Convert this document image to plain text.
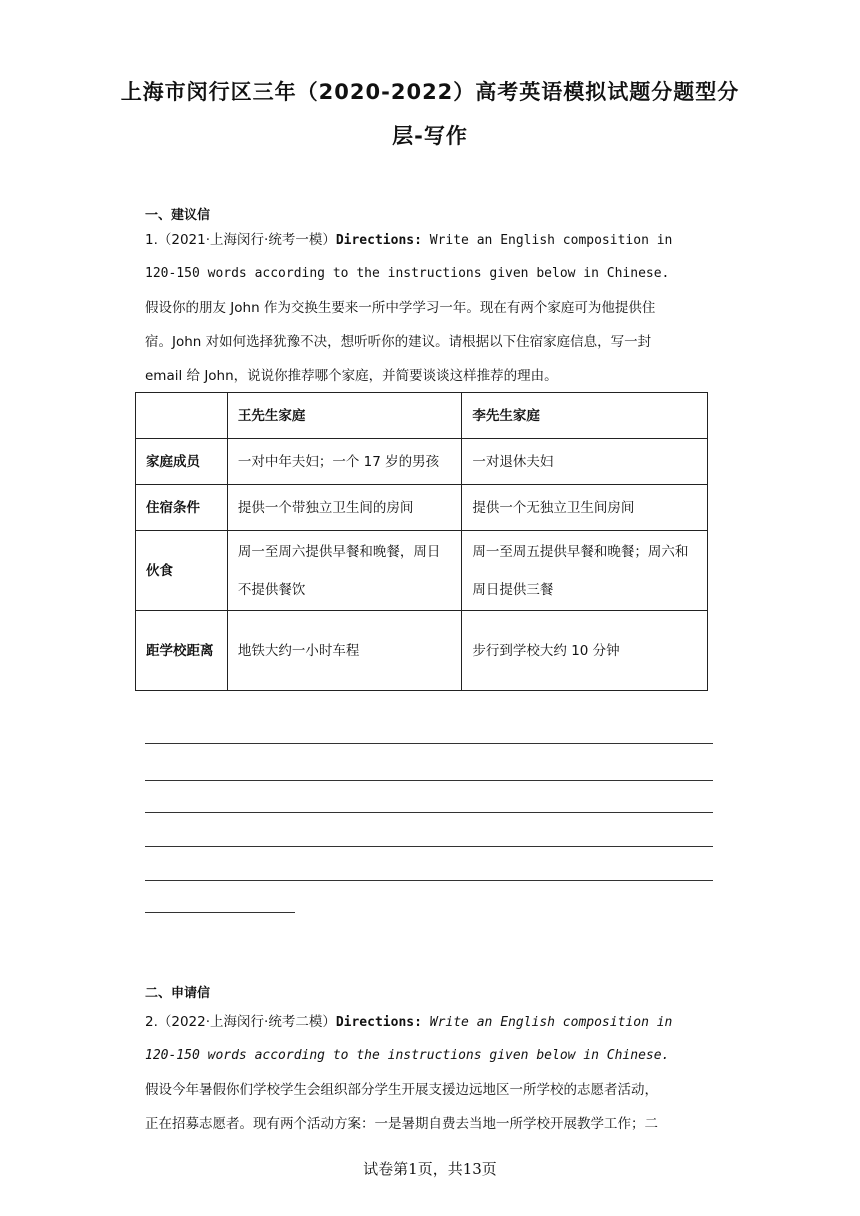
上海市闵行区三年（2020-2022）高考英语模拟试题分题型分
层-写作
一、建议信
1.（2021·上海闵行·统考一模）Directions: Write an English composition in
120-150 words according to the instructions given below in Chinese.
假设你的朋友 John 作为交换生要来一所中学学习一年。现在有两个家庭可为他提供住
宿。John 对如何选择犹豫不决，想听听你的建议。请根据以下住宿家庭信息，写一封
email 给 John，说说你推荐哪个家庭，并简要谈谈这样推荐的理由。
	王先生家庭	李先生家庭
家庭成员	一对中年夫妇；一个 17 岁的男孩	一对退休夫妇
住宿条件	提供一个带独立卫生间的房间	提供一个无独立卫生间房间
伙食	周一至周六提供早餐和晚餐，周日不提供餐饮	周一至周五提供早餐和晚餐；周六和周日提供三餐
距学校距离	地铁大约一小时车程	步行到学校大约 10 分钟
二、申请信
2.（2022·上海闵行·统考二模）Directions: Write an English composition in
120-150 words according to the instructions given below in Chinese.
假设今年暑假你们学校学生会组织部分学生开展支援边远地区一所学校的志愿者活动，
正在招募志愿者。现有两个活动方案：一是暑期自费去当地一所学校开展教学工作；二
试卷第1页，共13页
